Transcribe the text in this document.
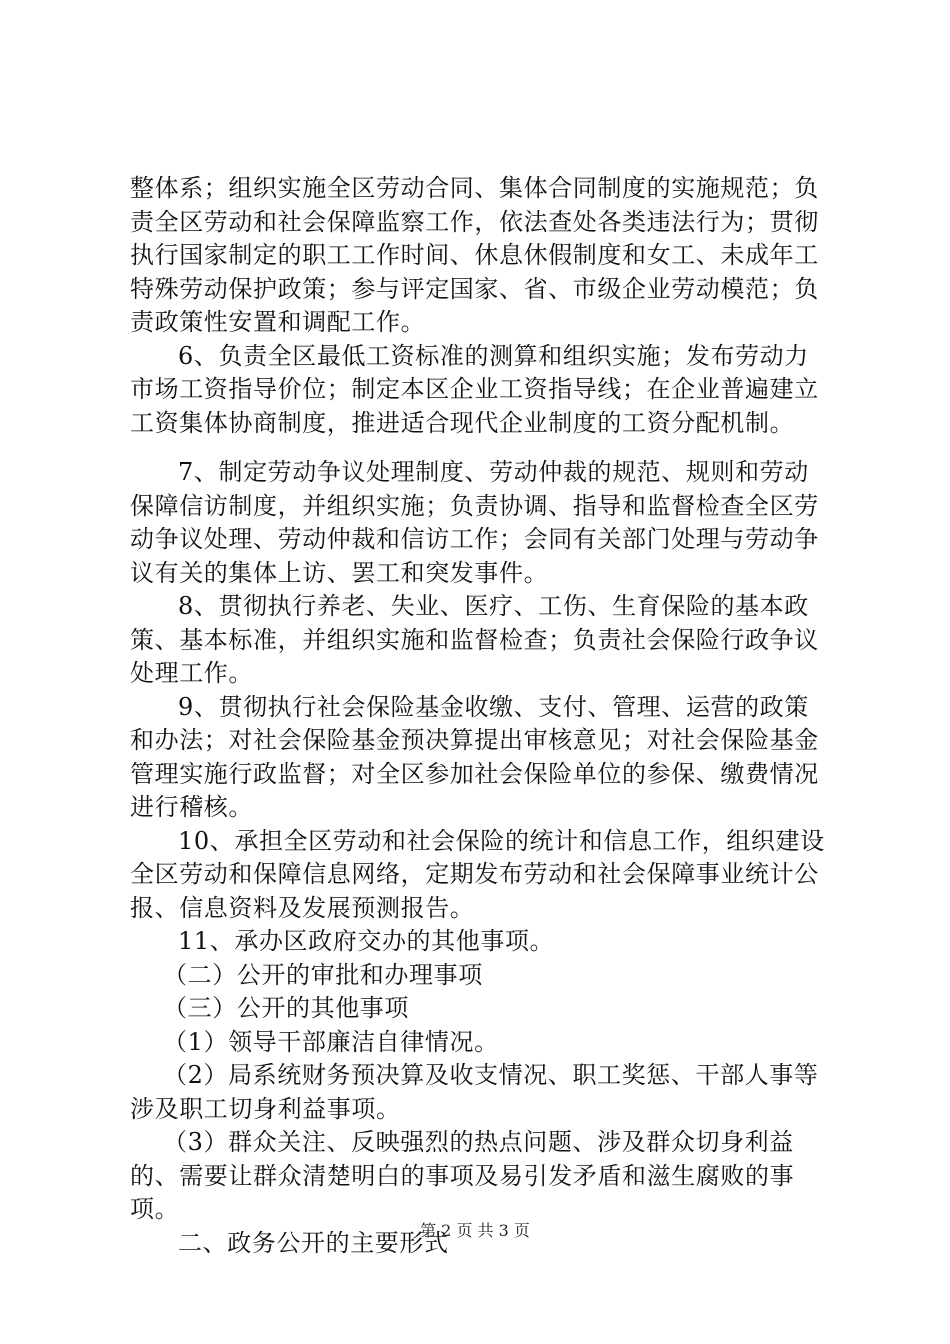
整体系；组织实施全区劳动合同、集体合同制度的实施规范；负责全区劳动和社会保障监察工作，依法查处各类违法行为；贯彻执行国家制定的职工工作时间、休息休假制度和女工、未成年工特殊劳动保护政策；参与评定国家、省、市级企业劳动模范；负责政策性安置和调配工作。

6、负责全区最低工资标准的测算和组织实施；发布劳动力市场工资指导价位；制定本区企业工资指导线；在企业普遍建立工资集体协商制度，推进适合现代企业制度的工资分配机制。

7、制定劳动争议处理制度、劳动仲裁的规范、规则和劳动保障信访制度，并组织实施；负责协调、指导和监督检查全区劳动争议处理、劳动仲裁和信访工作；会同有关部门处理与劳动争议有关的集体上访、罢工和突发事件。

8、贯彻执行养老、失业、医疗、工伤、生育保险的基本政策、基本标准，并组织实施和监督检查；负责社会保险行政争议处理工作。

9、贯彻执行社会保险基金收缴、支付、管理、运营的政策和办法；对社会保险基金预决算提出审核意见；对社会保险基金管理实施行政监督；对全区参加社会保险单位的参保、缴费情况进行稽核。

10、承担全区劳动和社会保险的统计和信息工作，组织建设全区劳动和保障信息网络，定期发布劳动和社会保障事业统计公报、信息资料及发展预测报告。

11、承办区政府交办的其他事项。

（二）公开的审批和办理事项

（三）公开的其他事项

（1）领导干部廉洁自律情况。

（2）局系统财务预决算及收支情况、职工奖惩、干部人事等涉及职工切身利益事项。

（3）群众关注、反映强烈的热点问题、涉及群众切身利益的、需要让群众清楚明白的事项及易引发矛盾和滋生腐败的事项。

二、政务公开的主要形式

第 2 页 共 3 页
